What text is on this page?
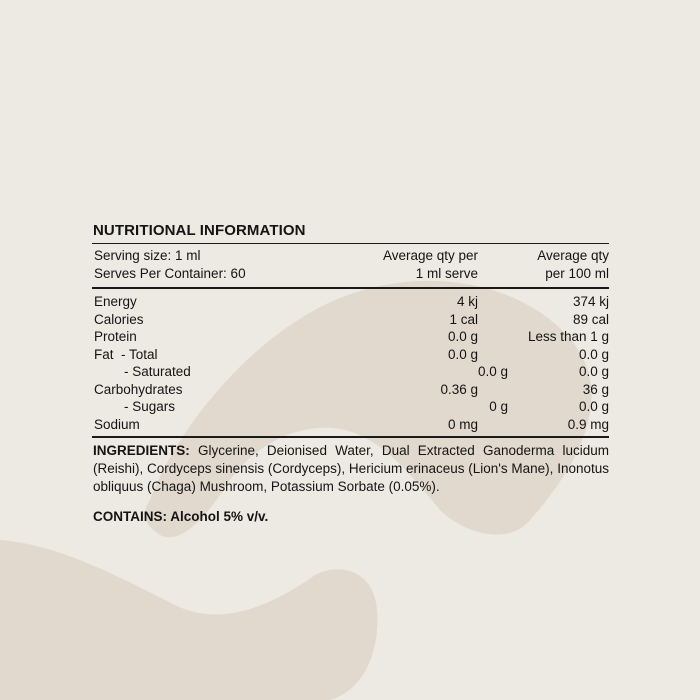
NUTRITIONAL INFORMATION
Serving size: 1 ml	Average qty per	Average qty
Serves Per Container: 60	1 ml serve	per 100 ml
Energy	4 kj	374 kj
Calories	1 cal	89 cal
Protein	0.0 g	Less than 1 g
Fat  - Total	0.0 g	0.0 g
- Saturated	0.0 g	0.0 g
Carbohydrates	0.36 g	36 g
- Sugars	0 g	0.0 g
Sodium	0 mg	0.9 mg
INGREDIENTS: Glycerine, Deionised Water, Dual Extracted Ganoderma lucidum (Reishi), Cordyceps sinensis (Cordyceps), Hericium erinaceus (Lion's Mane), Inonotus obliquus (Chaga) Mushroom, Potassium Sorbate (0.05%).
CONTAINS: Alcohol 5% v/v.
